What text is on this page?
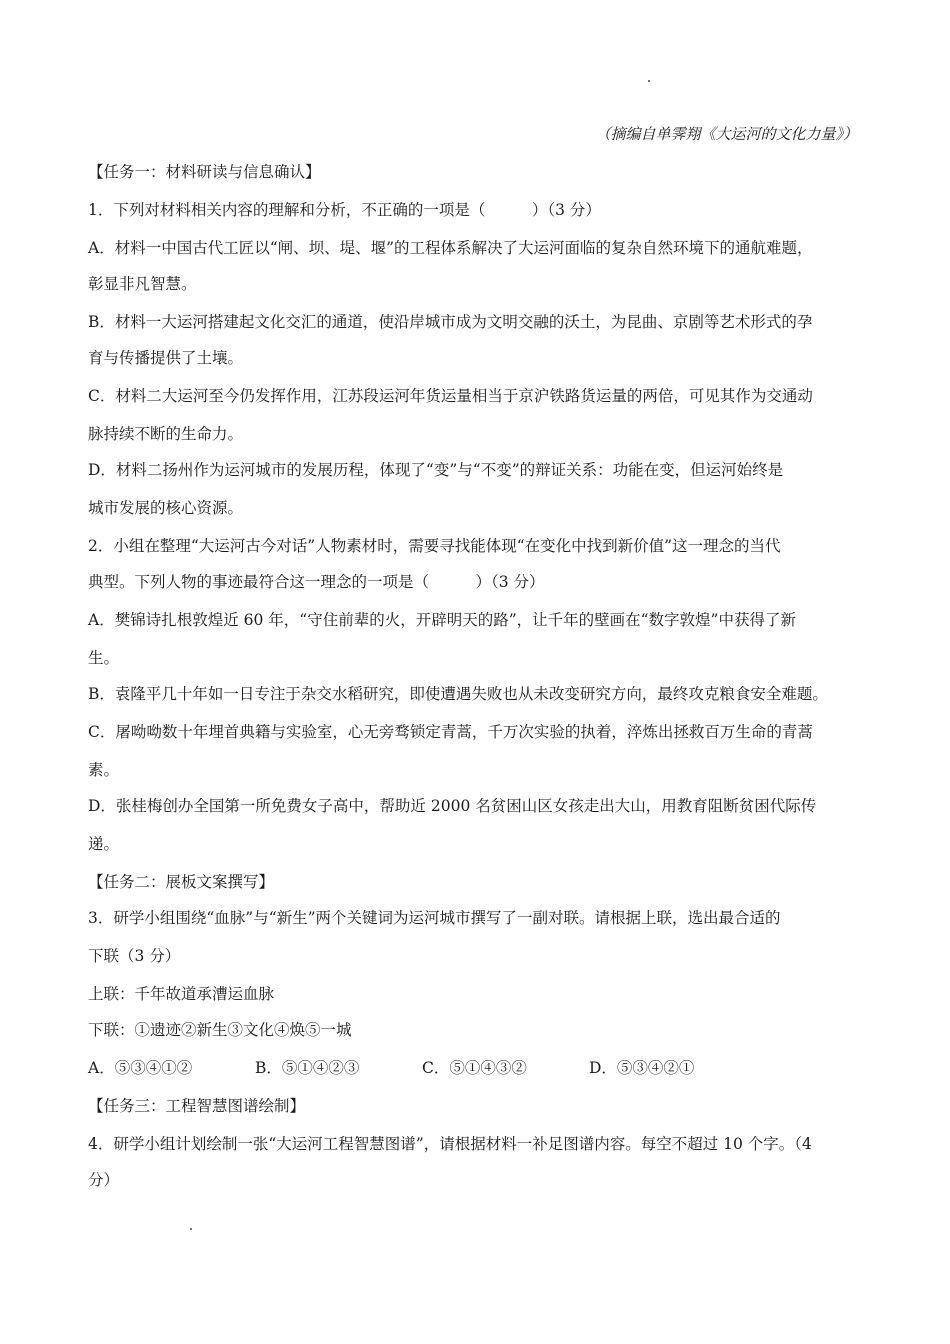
（摘编自单霁翔《大运河的文化力量》）
【任务一：材料研读与信息确认】
1．下列对材料相关内容的理解和分析，不正确的一项是（　　　）（3 分）
A．材料一中国古代工匠以“闸、坝、堤、堰”的工程体系解决了大运河面临的复杂自然环境下的通航难题，
彰显非凡智慧。
B．材料一大运河搭建起文化交汇的通道，使沿岸城市成为文明交融的沃土，为昆曲、京剧等艺术形式的孕
育与传播提供了土壤。
C．材料二大运河至今仍发挥作用，江苏段运河年货运量相当于京沪铁路货运量的两倍，可见其作为交通动
脉持续不断的生命力。
D．材料二扬州作为运河城市的发展历程，体现了“变”与“不变”的辩证关系：功能在变，但运河始终是
城市发展的核心资源。
2．小组在整理“大运河古今对话”人物素材时，需要寻找能体现“在变化中找到新价值”这一理念的当代
典型。下列人物的事迹最符合这一理念的一项是（　　　）（3 分）
A．樊锦诗扎根敦煌近 60 年，“守住前辈的火，开辟明天的路”，让千年的壁画在“数字敦煌”中获得了新
生。
B．袁隆平几十年如一日专注于杂交水稻研究，即使遭遇失败也从未改变研究方向，最终攻克粮食安全难题。
C．屠呦呦数十年埋首典籍与实验室，心无旁骛锁定青蒿，千万次实验的执着，淬炼出拯救百万生命的青蒿
素。
D．张桂梅创办全国第一所免费女子高中，帮助近 2000 名贫困山区女孩走出大山，用教育阻断贫困代际传
递。
【任务二：展板文案撰写】
3．研学小组围绕“血脉”与“新生”两个关键词为运河城市撰写了一副对联。请根据上联，选出最合适的
下联（3 分）
上联：千年故道承漕运血脉
下联：①遗迹②新生③文化④焕⑤一城
A．⑤③④①②	B．⑤①④②③	C．⑤①④③②	D．⑤③④②①
【任务三：工程智慧图谱绘制】
4．研学小组计划绘制一张“大运河工程智慧图谱”，请根据材料一补足图谱内容。每空不超过 10 个字。（4
分）
